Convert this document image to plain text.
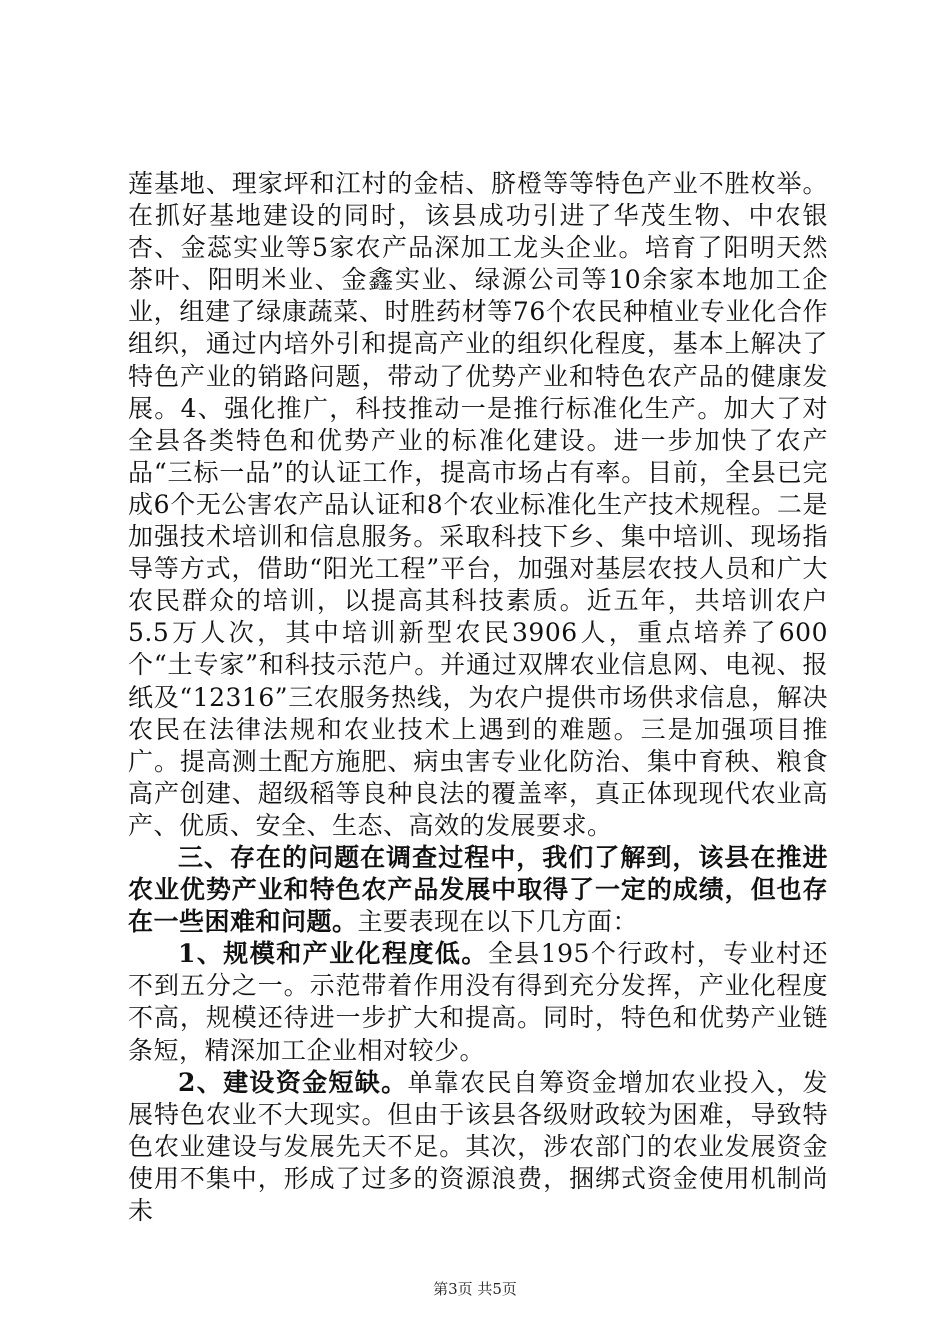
莲基地、理家坪和江村的金桔、脐橙等等特色产业不胜枚举。在抓好基地建设的同时，该县成功引进了华茂生物、中农银杏、金蕊实业等5家农产品深加工龙头企业。培育了阳明天然茶叶、阳明米业、金鑫实业、绿源公司等10余家本地加工企业，组建了绿康蔬菜、时胜药材等76个农民种植业专业化合作组织，通过内培外引和提高产业的组织化程度，基本上解决了特色产业的销路问题，带动了优势产业和特色农产品的健康发展。4、强化推广，科技推动一是推行标准化生产。加大了对全县各类特色和优势产业的标准化建设。进一步加快了农产品“三标一品”的认证工作，提高市场占有率。目前，全县已完成6个无公害农产品认证和8个农业标准化生产技术规程。二是加强技术培训和信息服务。采取科技下乡、集中培训、现场指导等方式，借助“阳光工程”平台，加强对基层农技人员和广大农民群众的培训，以提高其科技素质。近五年，共培训农户5.5万人次，其中培训新型农民3906人，重点培养了600个“土专家”和科技示范户。并通过双牌农业信息网、电视、报纸及“12316”三农服务热线，为农户提供市场供求信息，解决农民在法律法规和农业技术上遇到的难题。三是加强项目推广。提高测土配方施肥、病虫害专业化防治、集中育秧、粮食高产创建、超级稻等良种良法的覆盖率，真正体现现代农业高产、优质、安全、生态、高效的发展要求。

三、存在的问题在调查过程中，我们了解到，该县在推进农业优势产业和特色农产品发展中取得了一定的成绩，但也存在一些困难和问题。主要表现在以下几方面：

1、规模和产业化程度低。全县195个行政村，专业村还不到五分之一。示范带着作用没有得到充分发挥，产业化程度不高，规模还待进一步扩大和提高。同时，特色和优势产业链条短，精深加工企业相对较少。

2、建设资金短缺。单靠农民自筹资金增加农业投入，发展特色农业不大现实。但由于该县各级财政较为困难，导致特色农业建设与发展先天不足。其次，涉农部门的农业发展资金使用不集中，形成了过多的资源浪费，捆绑式资金使用机制尚未

第3页 共5页
